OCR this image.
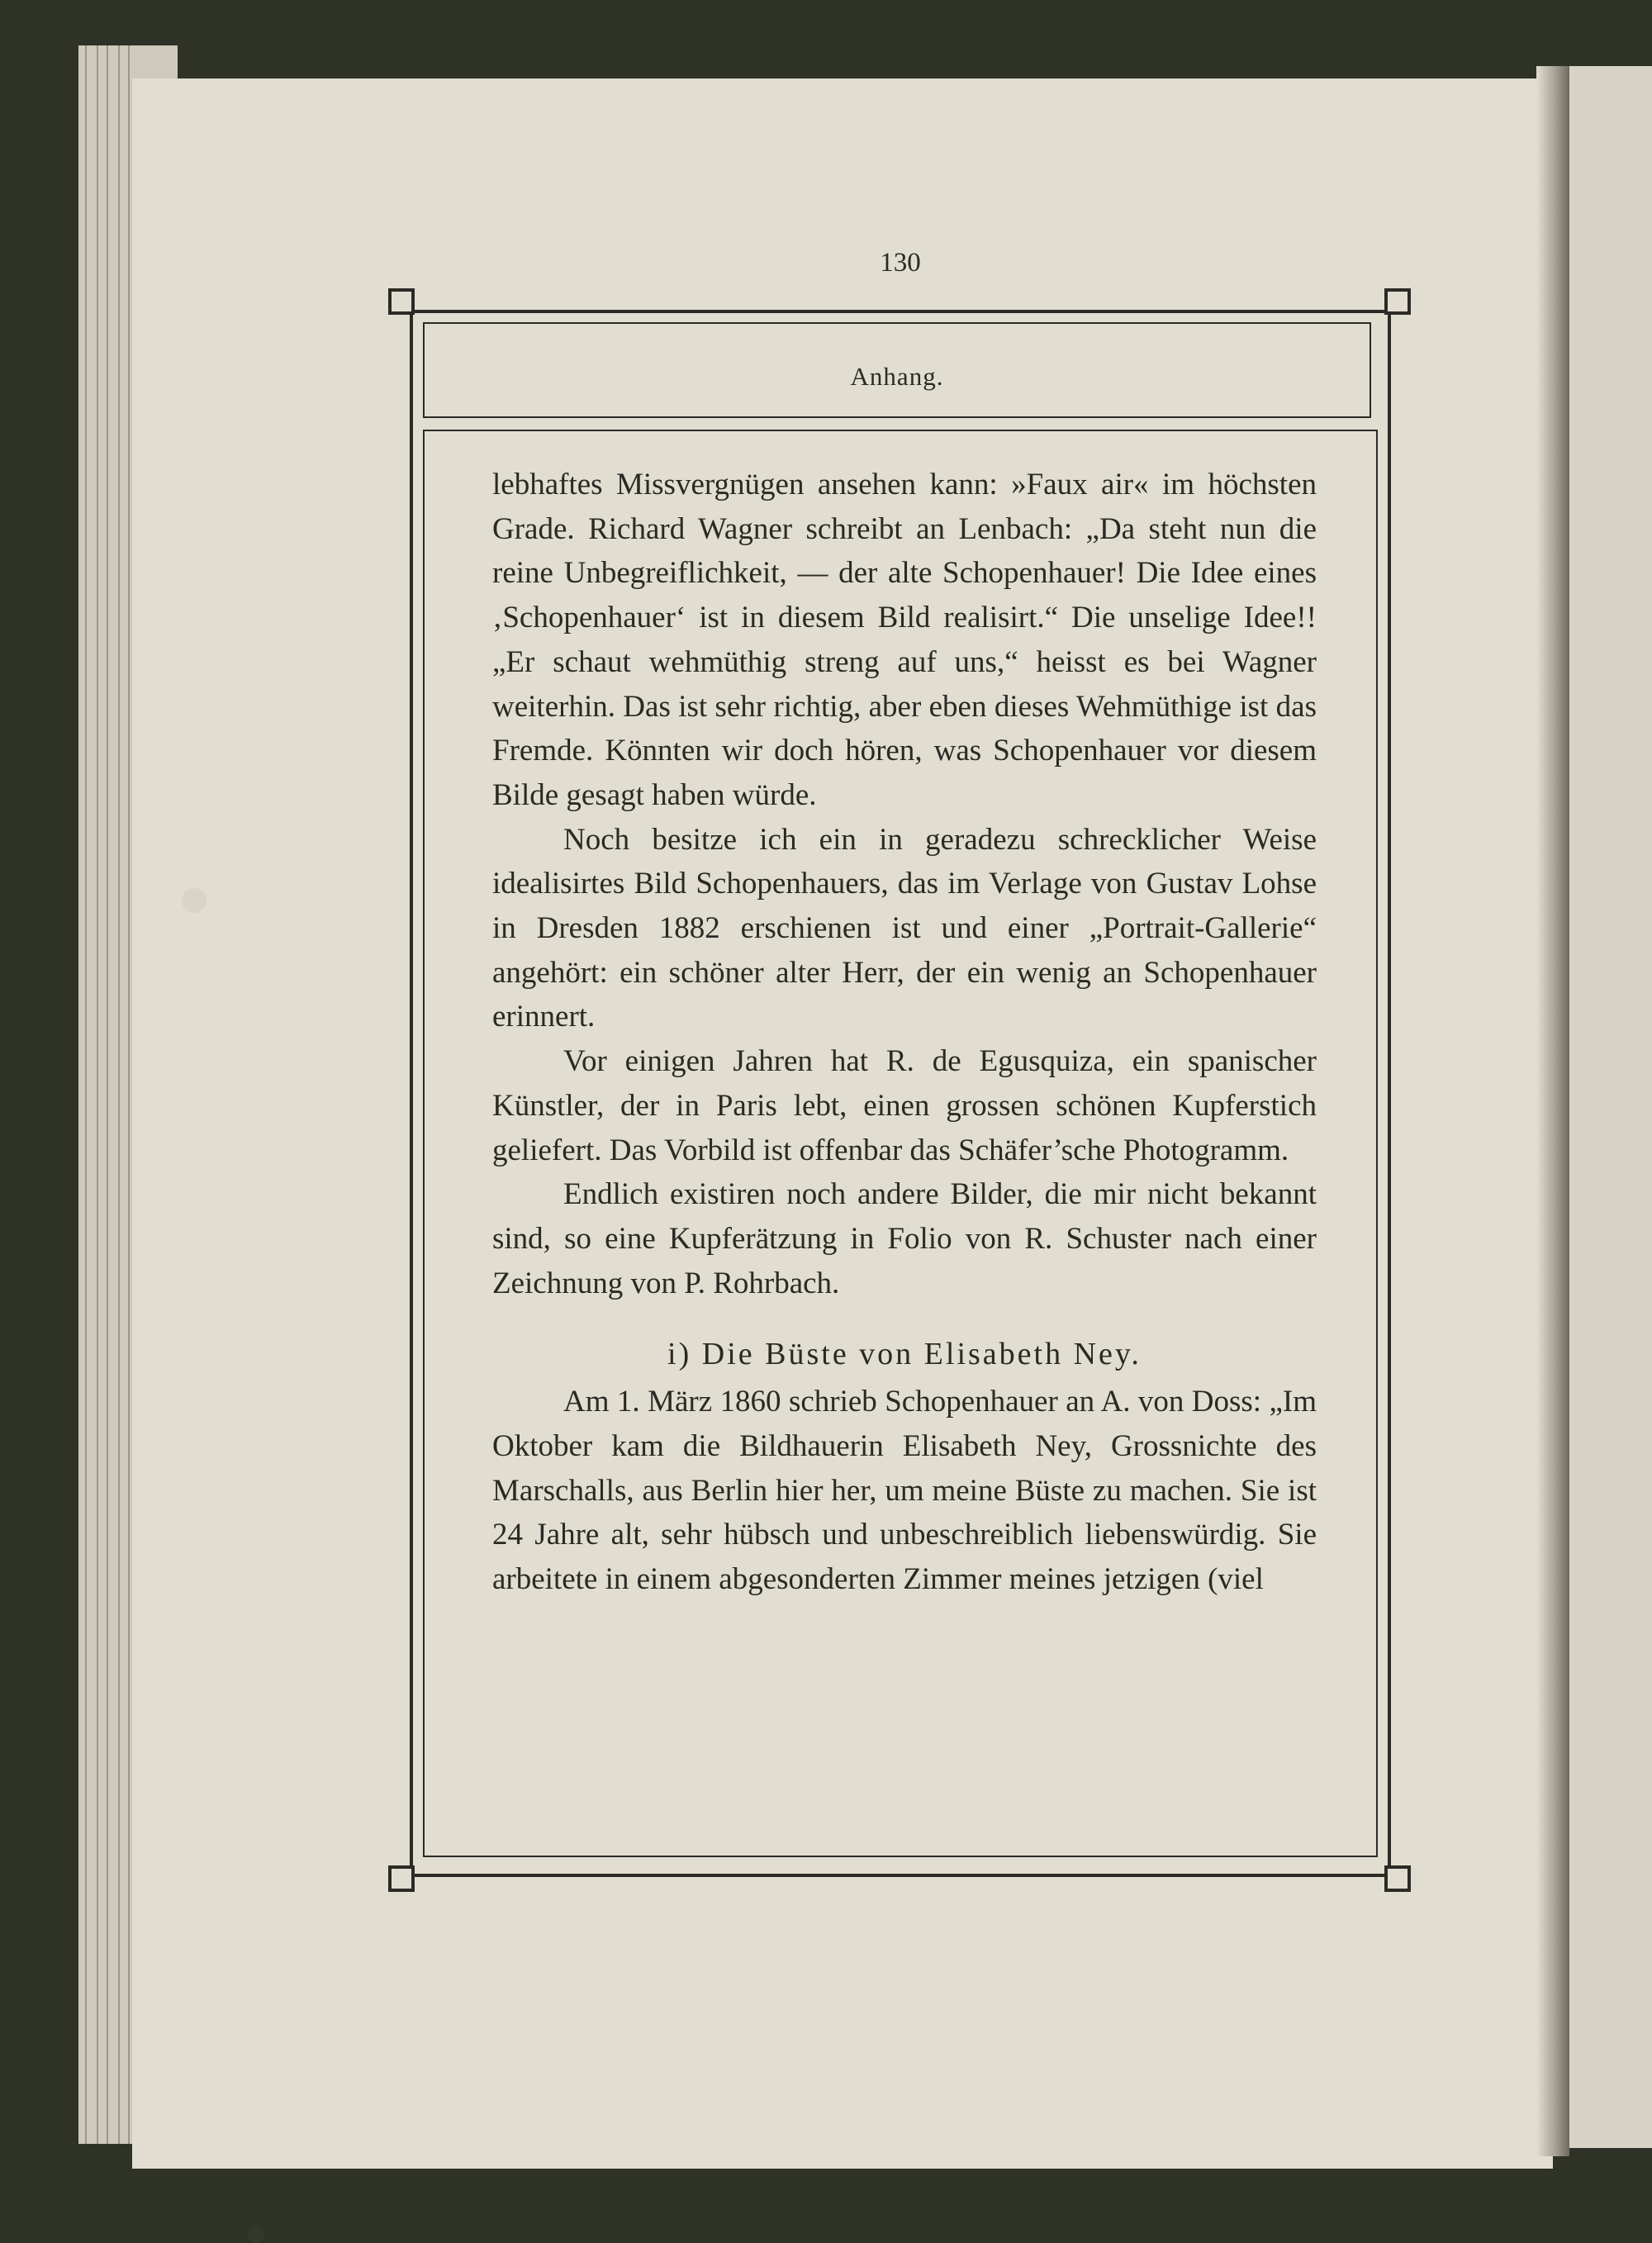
130
Anhang.

lebhaftes Missvergnügen ansehen kann: »Faux air« im höchsten Grade. Richard Wagner schreibt an Lenbach: „Da steht nun die reine Unbegreiflichkeit, — der alte Schopenhauer! Die Idee eines ‚Schopenhauer‘ ist in diesem Bild realisirt.“ Die unselige Idee!! „Er schaut wehmüthig streng auf uns,“ heisst es bei Wagner weiterhin. Das ist sehr richtig, aber eben dieses Wehmüthige ist das Fremde. Könnten wir doch hören, was Schopenhauer vor diesem Bilde gesagt haben würde.

Noch besitze ich ein in geradezu schrecklicher Weise idealisirtes Bild Schopenhauers, das im Verlage von Gustav Lohse in Dresden 1882 erschienen ist und einer „Portrait-Gallerie“ angehört: ein schöner alter Herr, der ein wenig an Schopenhauer erinnert.

Vor einigen Jahren hat R. de Egusquiza, ein spanischer Künstler, der in Paris lebt, einen grossen schönen Kupferstich geliefert. Das Vorbild ist offenbar das Schäfer’sche Photogramm.

Endlich existiren noch andere Bilder, die mir nicht bekannt sind, so eine Kupferätzung in Folio von R. Schuster nach einer Zeichnung von P. Rohrbach.

i) Die Büste von Elisabeth Ney.

Am 1. März 1860 schrieb Schopenhauer an A. von Doss: „Im Oktober kam die Bildhauerin Elisabeth Ney, Grossnichte des Marschalls, aus Berlin hier her, um meine Büste zu machen. Sie ist 24 Jahre alt, sehr hübsch und unbeschreiblich liebenswürdig. Sie arbeitete in einem abgesonderten Zimmer meines jetzigen (viel
